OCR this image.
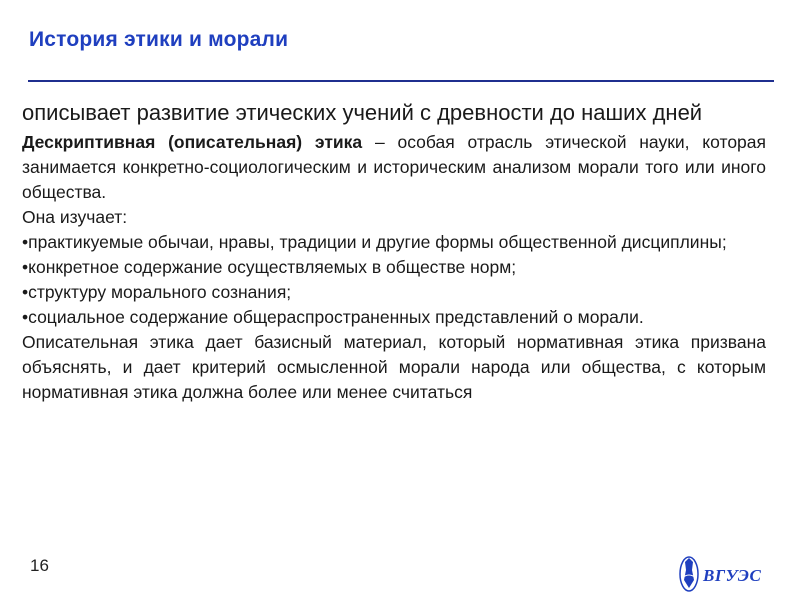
История этики и морали

описывает развитие этических учений с древности до наших дней

Дескриптивная (описательная) этика – особая отрасль этической науки, которая занимается конкретно-социологическим и историческим анализом морали того или иного общества.

Она изучает:

•практикуемые обычаи, нравы, традиции и другие формы общественной дисциплины;

•конкретное содержание осуществляемых в обществе норм;

•структуру морального сознания;

•социальное содержание общераспространенных представлений о морали.

Описательная этика дает базисный материал, который нормативная этика призвана объяснять, и дает критерий осмысленной морали народа или общества, с которым нормативная этика должна более или менее считаться

16
ВГУЭС
